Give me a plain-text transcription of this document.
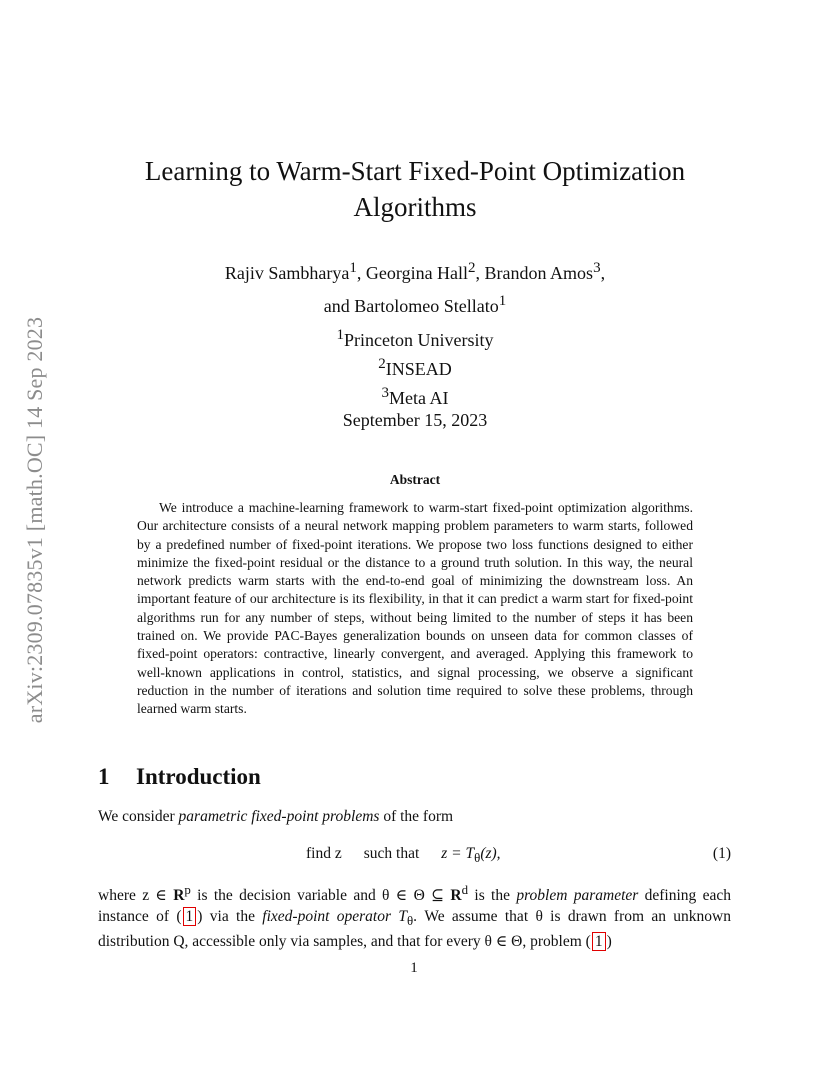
arXiv:2309.07835v1 [math.OC] 14 Sep 2023
Learning to Warm-Start Fixed-Point Optimization
Algorithms
Rajiv Sambharya$^1$, Georgina Hall$^2$, Brandon Amos$^3$,
and Bartolomeo Stellato$^1$
$^1$Princeton University
$^2$INSEAD
$^3$Meta AI
September 15, 2023
Abstract
We introduce a machine-learning framework to warm-start fixed-point optimization algorithms. Our architecture consists of a neural network mapping problem parameters to warm starts, followed by a predefined number of fixed-point iterations. We propose two loss functions designed to either minimize the fixed-point residual or the distance to a ground truth solution. In this way, the neural network predicts warm starts with the end-to-end goal of minimizing the downstream loss. An important feature of our architecture is its flexibility, in that it can predict a warm start for fixed-point algorithms run for any number of steps, without being limited to the number of steps it has been trained on. We provide PAC-Bayes generalization bounds on unseen data for common classes of fixed-point operators: contractive, linearly convergent, and averaged. Applying this framework to well-known applications in control, statistics, and signal processing, we observe a significant reduction in the number of iterations and solution time required to solve these problems, through learned warm starts.
1 Introduction
We consider parametric fixed-point problems of the form
find z such that $z = T_\theta(z)$,	(1)
where z ∈ $R^p$ is the decision variable and θ ∈ Θ ⊆ $R^d$ is the problem parameter defining each instance of ( 1 ) via the fixed-point operator $T_\theta$. We assume that θ is drawn from an unknown distribution Q, accessible only via samples, and that for every θ ∈ Θ, problem ( 1 )
1
